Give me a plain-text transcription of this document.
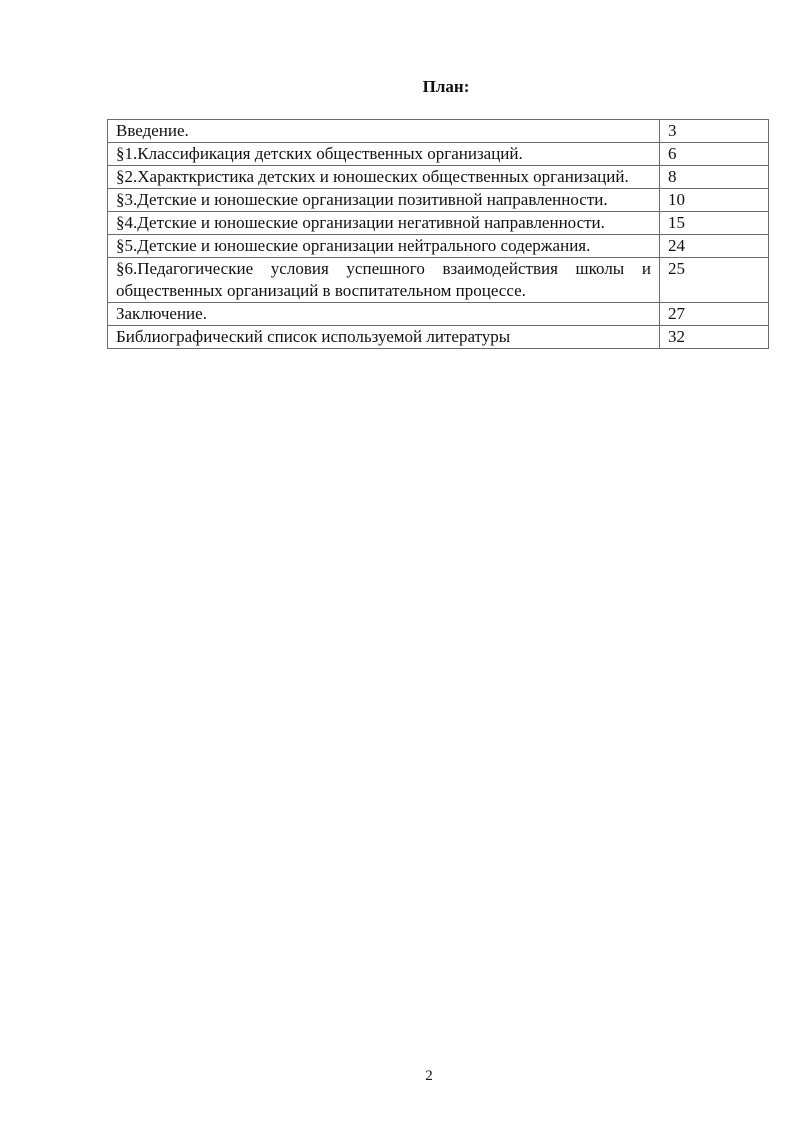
План:
Введение.	3
§1.Классификация детских общественных организаций.	6
§2.Характкристика детских и юношеских общественных организаций.	8
§3.Детские и юношеские организации позитивной направленности.	10
§4.Детские и юношеские организации негативной направленности.	15
§5.Детские и юношеские организации нейтрального содержания.	24
§6.Педагогические условия успешного взаимодействия школы и общественных организаций в воспитательном процессе.	25
Заключение.	27
Библиографический список используемой литературы	32
2
